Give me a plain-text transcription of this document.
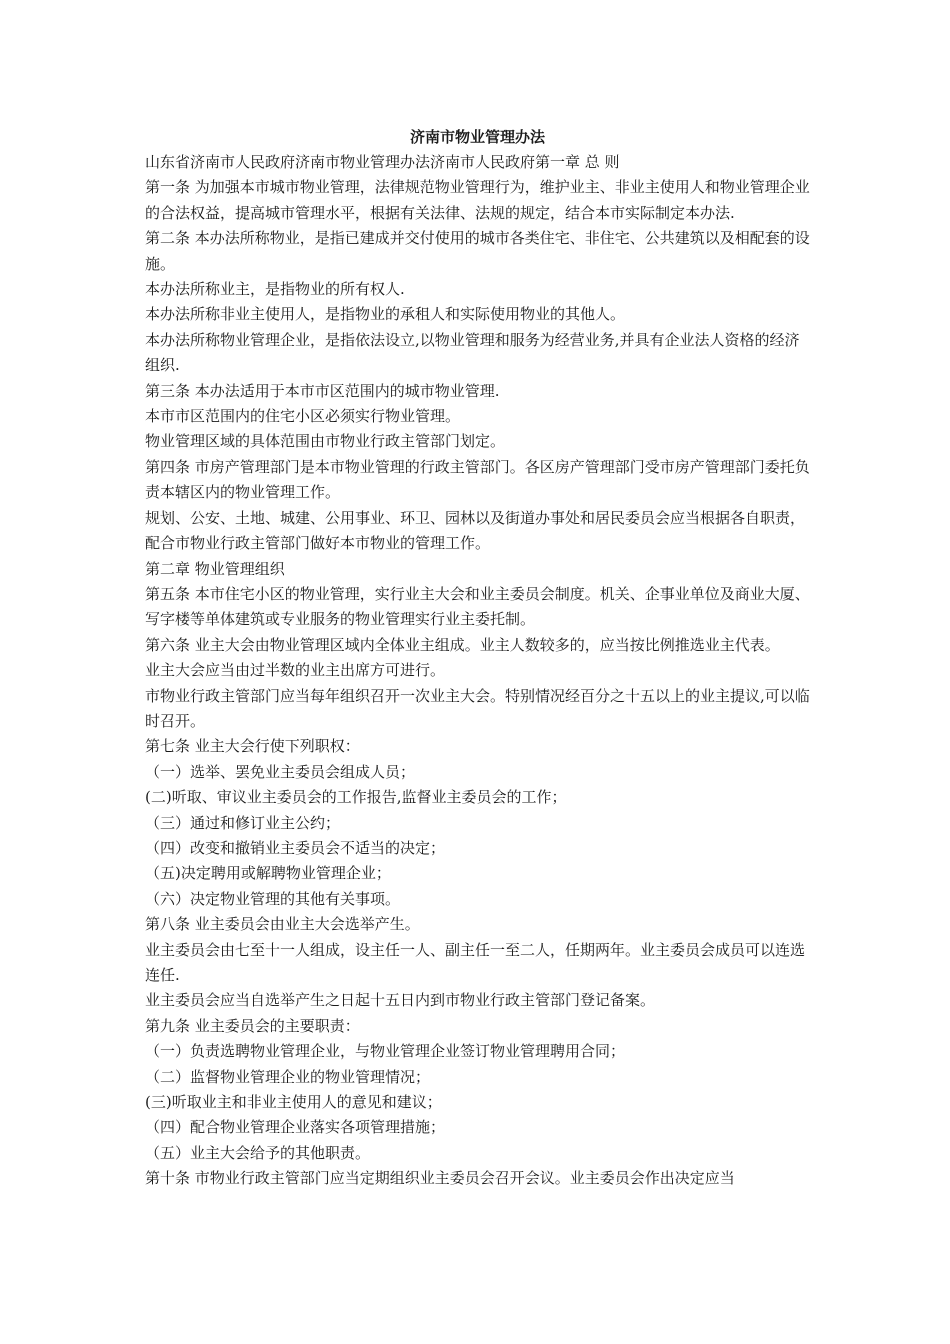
济南市物业管理办法

山东省济南市人民政府济南市物业管理办法济南市人民政府第一章 总 则

第一条 为加强本市城市物业管理，法律规范物业管理行为，维护业主、非业主使用人和物业管理企业的合法权益，提高城市管理水平，根据有关法律、法规的规定，结合本市实际制定本办法.

第二条 本办法所称物业，是指已建成并交付使用的城市各类住宅、非住宅、公共建筑以及相配套的设施。

本办法所称业主，是指物业的所有权人.

本办法所称非业主使用人，是指物业的承租人和实际使用物业的其他人。

本办法所称物业管理企业，是指依法设立,以物业管理和服务为经营业务,并具有企业法人资格的经济组织.

第三条 本办法适用于本市市区范围内的城市物业管理.

本市市区范围内的住宅小区必须实行物业管理。

物业管理区域的具体范围由市物业行政主管部门划定。

第四条 市房产管理部门是本市物业管理的行政主管部门。各区房产管理部门受市房产管理部门委托负责本辖区内的物业管理工作。

规划、公安、土地、城建、公用事业、环卫、园林以及街道办事处和居民委员会应当根据各自职责，配合市物业行政主管部门做好本市物业的管理工作。

第二章 物业管理组织

第五条 本市住宅小区的物业管理，实行业主大会和业主委员会制度。机关、企事业单位及商业大厦、写字楼等单体建筑或专业服务的物业管理实行业主委托制。

第六条 业主大会由物业管理区域内全体业主组成。业主人数较多的，应当按比例推选业主代表。

业主大会应当由过半数的业主出席方可进行。

市物业行政主管部门应当每年组织召开一次业主大会。特别情况经百分之十五以上的业主提议,可以临时召开。

第七条 业主大会行使下列职权：

（一）选举、罢免业主委员会组成人员；

(二)听取、审议业主委员会的工作报告,监督业主委员会的工作；

（三）通过和修订业主公约；

（四）改变和撤销业主委员会不适当的决定；

（五)决定聘用或解聘物业管理企业；

（六）决定物业管理的其他有关事项。

第八条 业主委员会由业主大会选举产生。

业主委员会由七至十一人组成，设主任一人、副主任一至二人，任期两年。业主委员会成员可以连选连任.

业主委员会应当自选举产生之日起十五日内到市物业行政主管部门登记备案。

第九条 业主委员会的主要职责：

（一）负责选聘物业管理企业，与物业管理企业签订物业管理聘用合同；

（二）监督物业管理企业的物业管理情况；

(三)听取业主和非业主使用人的意见和建议；

（四）配合物业管理企业落实各项管理措施；

（五）业主大会给予的其他职责。

第十条 市物业行政主管部门应当定期组织业主委员会召开会议。业主委员会作出决定应当
